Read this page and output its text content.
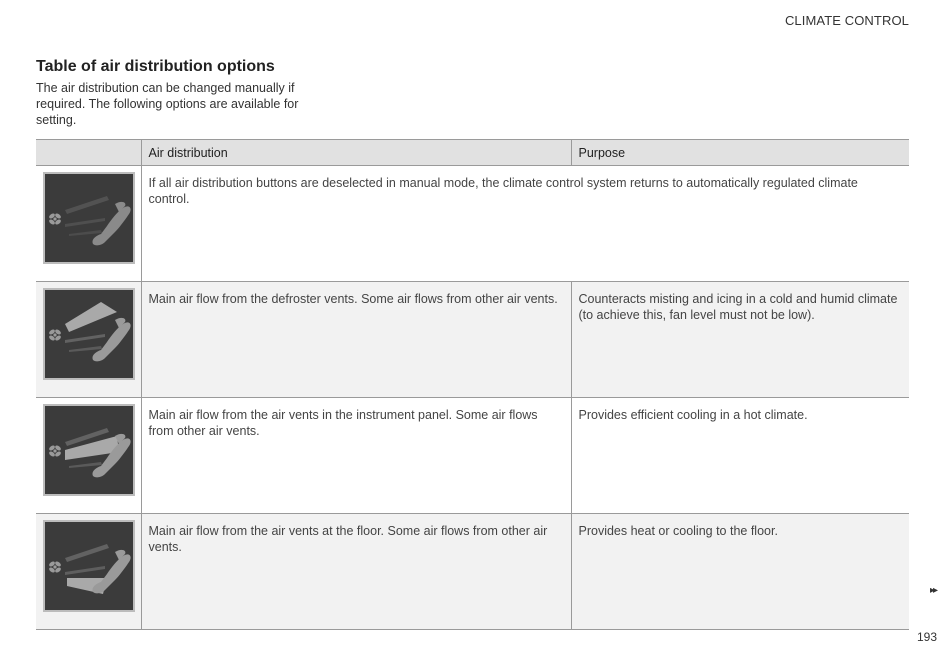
CLIMATE CONTROL
Table of air distribution options

The air distribution can be changed manually if required. The following options are available for setting.

	Air distribution	Purpose

	If all air distribution buttons are deselected in manual mode, the climate control system returns to automatically regulated climate control.	

	Main air flow from the defroster vents. Some air flows from other air vents.	Counteracts misting and icing in a cold and humid climate (to achieve this, fan level must not be low).

	Main air flow from the air vents in the instrument panel. Some air flows from other air vents.	Provides efficient cooling in a hot climate.

	Main air flow from the air vents at the floor. Some air flows from other air vents.	Provides heat or cooling to the floor.
▸▸
193
